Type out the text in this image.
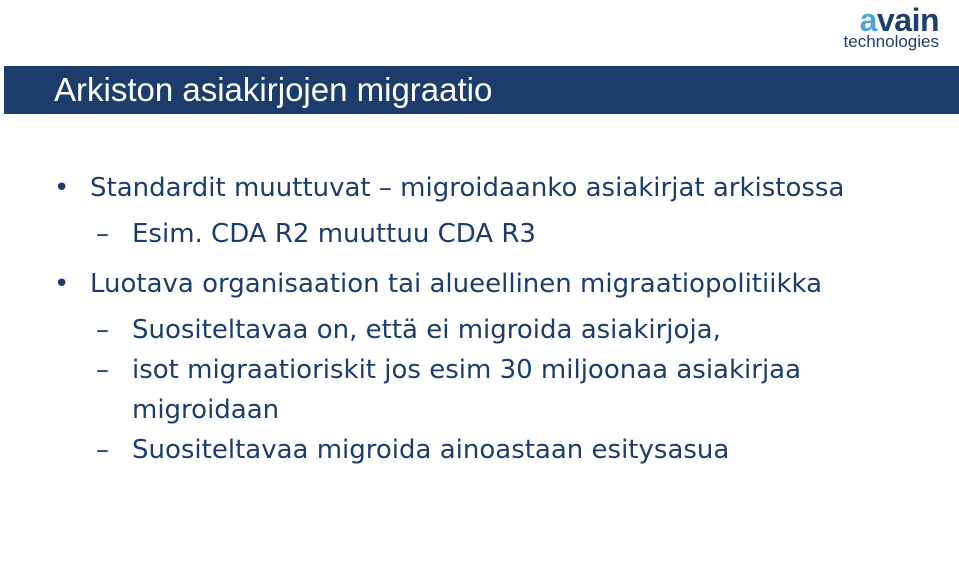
avain
technologies
Arkiston asiakirjojen migraatio
• Standardit muuttuvat – migroidaanko asiakirjat arkistossa
– Esim. CDA R2 muuttuu CDA R3
• Luotava organisaation tai alueellinen migraatiopolitiikka
– Suositeltavaa on, että ei migroida asiakirjoja,
– isot migraatioriskit jos esim 30 miljoonaa asiakirjaa migroidaan
– Suositeltavaa migroida ainoastaan esitysasua
